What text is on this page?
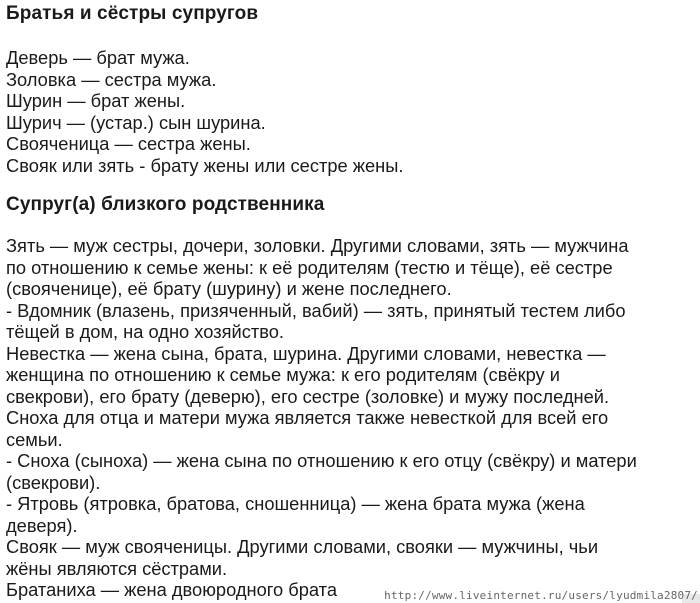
Братья и сёстры супругов
Деверь — брат мужа.
Золовка — сестра мужа.
Шурин — брат жены.
Шурич — (устар.) сын шурина.
Свояченица — сестра жены.
Свояк или зять - брату жены или сестре жены.
Супруг(а) близкого родственника
Зять — муж сестры, дочери, золовки. Другими словами, зять — мужчина
по отношению к семье жены: к её родителям (тестю и тёще), её сестре
(свояченице), её брату (шурину) и жене последнего.
- Вдомник (влазень, призяченный, вабий) — зять, принятый тестем либо
тёщей в дом, на одно хозяйство.
Невестка — жена сына, брата, шурина. Другими словами, невестка —
женщина по отношению к семье мужа: к его родителям (свёкру и
свекрови), его брату (деверю), его сестре (золовке) и мужу последней.
Сноха для отца и матери мужа является также невесткой для всей его
семьи.
- Сноха (сыноха) — жена сына по отношению к его отцу (свёкру) и матери
(свекрови).
- Ятровь (ятровка, братова, сношенница) — жена брата мужа (жена
деверя).
Свояк — муж свояченицы. Другими словами, свояки — мужчины, чьи
жёны являются сёстрами.
Братаниха — жена двоюродного брата	http://www.liveinternet.ru/users/lyudmila2807/
